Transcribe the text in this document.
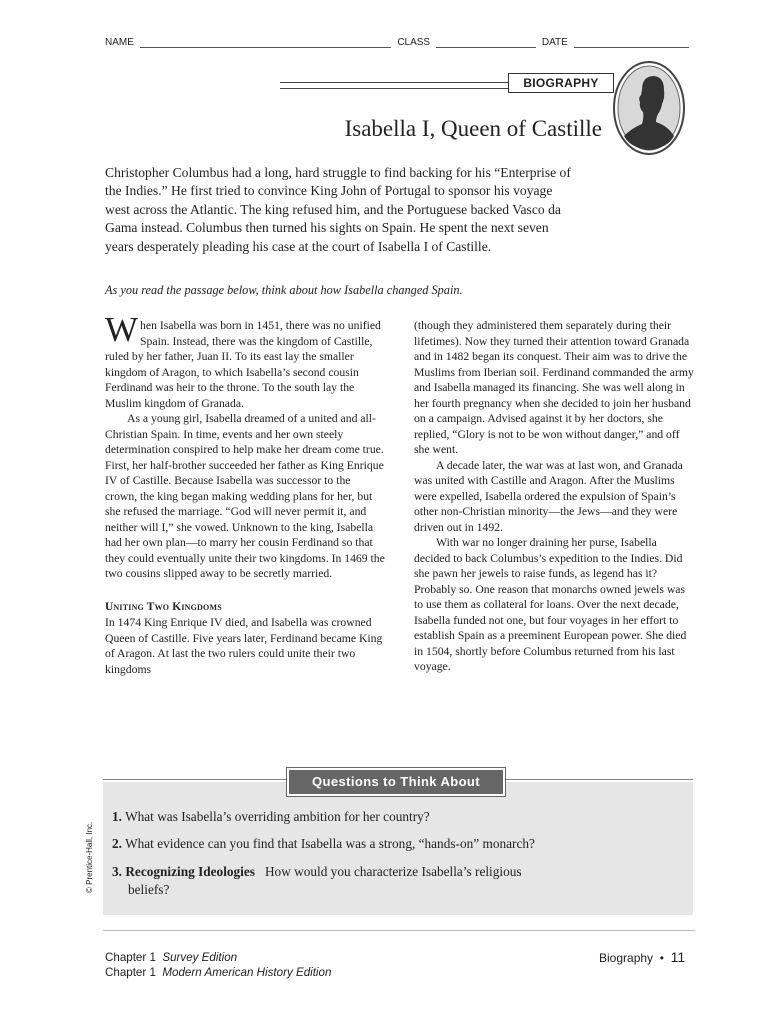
NAME	CLASS	DATE
BIOGRAPHY
Isabella I, Queen of Castille
Christopher Columbus had a long, hard struggle to find backing for his “Enterprise of the Indies.” He first tried to convince King John of Portugal to sponsor his voyage west across the Atlantic. The king refused him, and the Portuguese backed Vasco da Gama instead. Columbus then turned his sights on Spain. He spent the next seven years desperately pleading his case at the court of Isabella I of Castille.
As you read the passage below, think about how Isabella changed Spain.

When Isabella was born in 1451, there was no unified Spain. Instead, there was the kingdom of Castille, ruled by her father, Juan II. To its east lay the smaller kingdom of Aragon, to which Isabella’s second cousin Ferdinand was heir to the throne. To the south lay the Muslim kingdom of Granada.

As a young girl, Isabella dreamed of a united and all-Christian Spain. In time, events and her own steely determination conspired to help make her dream come true. First, her half-brother succeeded her father as King Enrique IV of Castille. Because Isabella was successor to the crown, the king began making wedding plans for her, but she refused the marriage. “God will never permit it, and neither will I,” she vowed. Unknown to the king, Isabella had her own plan—to marry her cousin Ferdinand so that they could eventually unite their two kingdoms. In 1469 the two cousins slipped away to be secretly married.

Uniting Two Kingdoms

In 1474 King Enrique IV died, and Isabella was crowned Queen of Castille. Five years later, Ferdinand became King of Aragon. At last the two rulers could unite their two kingdoms

(though they administered them separately during their lifetimes). Now they turned their attention toward Granada and in 1482 began its conquest. Their aim was to drive the Muslims from Iberian soil. Ferdinand commanded the army and Isabella managed its financing. She was well along in her fourth pregnancy when she decided to join her husband on a campaign. Advised against it by her doctors, she replied, “Glory is not to be won without danger,” and off she went.

A decade later, the war was at last won, and Granada was united with Castille and Aragon. After the Muslims were expelled, Isabella ordered the expulsion of Spain’s other non-Christian minority—the Jews—and they were driven out in 1492.

With war no longer draining her purse, Isabella decided to back Columbus’s expedition to the Indies. Did she pawn her jewels to raise funds, as legend has it? Probably so. One reason that monarchs owned jewels was to use them as collateral for loans. Over the next decade, Isabella funded not one, but four voyages in her effort to establish Spain as a preeminent European power. She died in 1504, shortly before Columbus returned from his last voyage.

Questions to Think About
1. What was Isabella’s overriding ambition for her country?
2. What evidence can you find that Isabella was a strong, “hands-on” monarch?
3. Recognizing Ideologies How would you characterize Isabella’s religious
beliefs?
© Prentice-Hall, Inc.
Chapter 1 Survey Edition
Chapter 1 Modern American History Edition
Biography • 11
